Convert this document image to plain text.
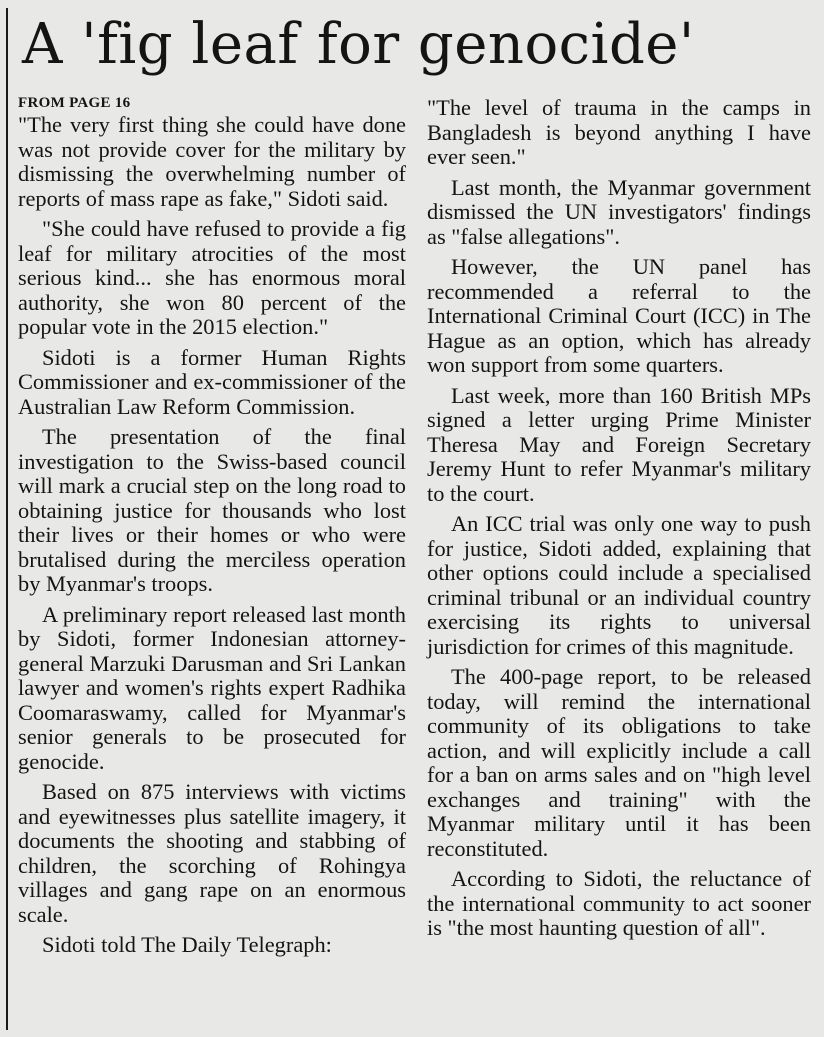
A 'fig leaf for genocide'
FROM PAGE 16

"The very first thing she could have done was not provide cover for the military by dismissing the overwhelming number of reports of mass rape as fake," Sidoti said.

"She could have refused to provide a fig leaf for military atrocities of the most serious kind... she has enormous moral authority, she won 80 percent of the popular vote in the 2015 election."

Sidoti is a former Human Rights Commissioner and ex-commissioner of the Australian Law Reform Commission.

The presentation of the final investigation to the Swiss-based council will mark a crucial step on the long road to obtaining justice for thousands who lost their lives or their homes or who were brutalised during the merciless operation by Myanmar's troops.

A preliminary report released last month by Sidoti, former Indonesian attorney-general Marzuki Darusman and Sri Lankan lawyer and women's rights expert Radhika Coomaraswamy, called for Myanmar's senior generals to be prosecuted for genocide.

Based on 875 interviews with victims and eyewitnesses plus satellite imagery, it documents the shooting and stabbing of children, the scorching of Rohingya villages and gang rape on an enormous scale.

Sidoti told The Daily Telegraph:

"The level of trauma in the camps in Bangladesh is beyond anything I have ever seen."

Last month, the Myanmar government dismissed the UN investigators' findings as "false allegations".

However, the UN panel has recommended a referral to the International Criminal Court (ICC) in The Hague as an option, which has already won support from some quarters.

Last week, more than 160 British MPs signed a letter urging Prime Minister Theresa May and Foreign Secretary Jeremy Hunt to refer Myanmar's military to the court.

An ICC trial was only one way to push for justice, Sidoti added, explaining that other options could include a specialised criminal tribunal or an individual country exercising its rights to universal jurisdiction for crimes of this magnitude.

The 400-page report, to be released today, will remind the international community of its obligations to take action, and will explicitly include a call for a ban on arms sales and on "high level exchanges and training" with the Myanmar military until it has been reconstituted.

According to Sidoti, the reluctance of the international community to act sooner is "the most haunting question of all".
